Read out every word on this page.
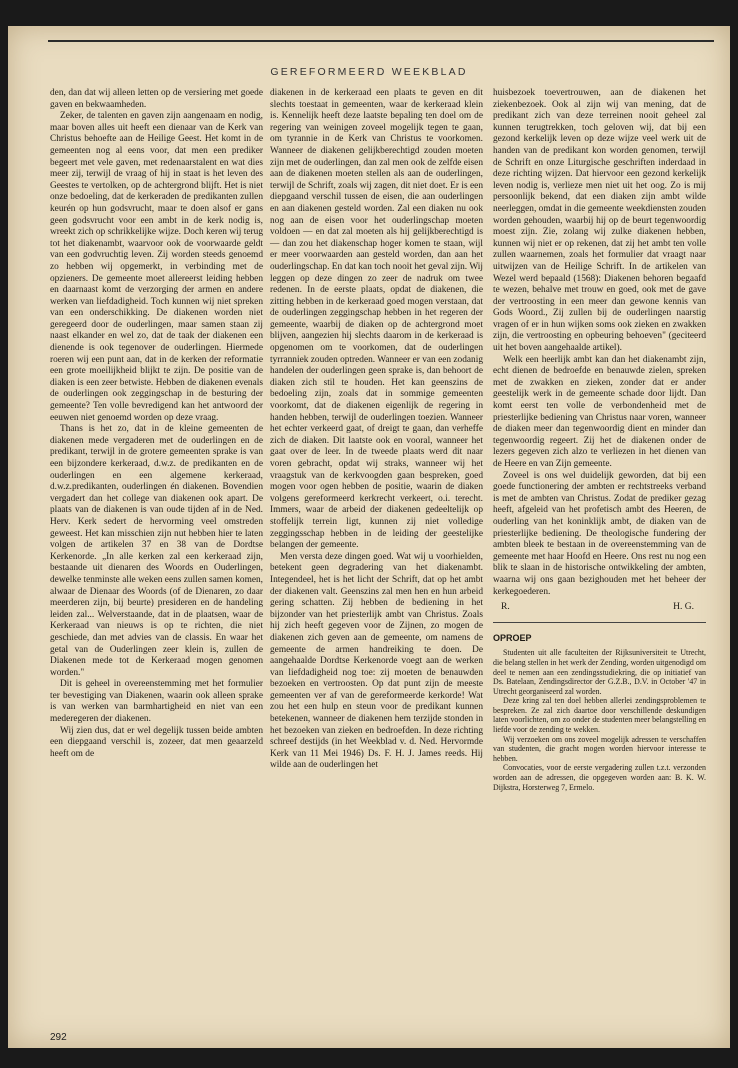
GEREFORMEERD WEEKBLAD

den, dan dat wij alleen letten op de versiering met goede gaven en bekwaamheden.

Zeker, de talenten en gaven zijn aangenaam en nodig, maar boven alles uit heeft een dienaar van de Kerk van Christus behoefte aan de Heilige Geest. Het komt in de gemeenten nog al eens voor, dat men een prediker begeert met vele gaven, met redenaarstalent en wat dies meer zij, terwijl de vraag of hij in staat is het leven des Geestes te vertolken, op de achtergrond blijft. Het is niet onze bedoeling, dat de kerkeraden de predikanten zullen keurén op hun godsvrucht, maar te doen alsof er gans geen godsvrucht voor een ambt in de kerk nodig is, wreekt zich op schrikkelijke wijze. Doch keren wij terug tot het diakenambt, waarvoor ook de voorwaarde geldt van een godvruchtig leven. Zij worden steeds genoemd zo hebben wij opgemerkt, in verbinding met de opzieners. De gemeente moet allereerst leiding hebben en daarnaast komt de verzorging der armen en andere werken van liefdadigheid. Toch kunnen wij niet spreken van een onderschikking. De diakenen worden niet geregeerd door de ouderlingen, maar samen staan zij naast elkander en wel zo, dat de taak der diakenen een dienende is ook tegenover de ouderlingen. Hiermede roeren wij een punt aan, dat in de kerken der reformatie een grote moeilijkheid blijkt te zijn. De positie van de diaken is een zeer betwiste. Hebben de diakenen evenals de ouderlingen ook zeggingschap in de besturing der gemeente? Ten volle bevredigend kan het antwoord der eeuwen niet genoemd worden op deze vraag.

Thans is het zo, dat in de kleine gemeenten de diakenen mede vergaderen met de ouderlingen en de predikant, terwijl in de grotere gemeenten sprake is van een bijzondere kerkeraad, d.w.z. de predikanten en de ouderlingen en een algemene kerkeraad, d.w.z.predikanten, ouderlingen én diakenen. Bovendien vergadert dan het college van diakenen ook apart. De plaats van de diakenen is van oude tijden af in de Ned. Herv. Kerk sedert de hervorming veel omstreden geweest. Het kan misschien zijn nut hebben hier te laten volgen de artikelen 37 en 38 van de Dordtse Kerkenorde. „In alle kerken zal een kerkeraad zijn, bestaande uit dienaren des Woords en Ouderlingen, dewelke tenminste alle weken eens zullen samen komen, alwaar de Dienaar des Woords (of de Dienaren, zo daar meerderen zijn, bij beurte) presideren en de handeling leiden zal... Welverstaande, dat in de plaatsen, waar de Kerkeraad van nieuws is op te richten, die niet geschiede, dan met advies van de classis. En waar het getal van de Ouderlingen zeer klein is, zullen de Diakenen mede tot de Kerkeraad mogen genomen worden."

Dit is geheel in overeenstemming met het formulier ter bevestiging van Diakenen, waarin ook alleen sprake is van werken van barmhartigheid en niet van een mederegeren der diakenen.

Wij zien dus, dat er wel degelijk tussen beide ambten een diepgaand verschil is, zozeer, dat men geaarzeld heeft om de

diakenen in de kerkeraad een plaats te geven en dit slechts toestaat in gemeenten, waar de kerkeraad klein is. Kennelijk heeft deze laatste bepaling ten doel om de regering van weinigen zoveel mogelijk tegen te gaan, om tyrannie in de Kerk van Christus te voorkomen. Wanneer de diakenen gelijkberechtigd zouden moeten zijn met de ouderlingen, dan zal men ook de zelfde eisen aan de diakenen moeten stellen als aan de ouderlingen, terwijl de Schrift, zoals wij zagen, dit niet doet. Er is een diepgaand verschil tussen de eisen, die aan ouderlingen en aan diakenen gesteld worden. Zal een diaken nu ook nog aan de eisen voor het ouderlingschap moeten voldoen — en dat zal moeten als hij gelijkberechtigd is — dan zou het diakenschap hoger komen te staan, wijl er meer voorwaarden aan gesteld worden, dan aan het ouderlingschap. En dat kan toch nooit het geval zijn. Wij leggen op deze dingen zo zeer de nadruk om twee redenen. In de eerste plaats, opdat de diakenen, die zitting hebben in de kerkeraad goed mogen verstaan, dat de ouderlingen zeggingschap hebben in het regeren der gemeente, waarbij de diaken op de achtergrond moet blijven, aangezien hij slechts daarom in de kerkeraad is opgenomen om te voorkomen, dat de ouderlingen tyrranniek zouden optreden. Wanneer er van een zodanig handelen der ouderlingen geen sprake is, dan behoort de diaken zich stil te houden. Het kan geenszins de bedoeling zijn, zoals dat in sommige gemeenten voorkomt, dat de diakenen eigenlijk de regering in handen hebben, terwijl de ouderlingen toezien. Wanneer het echter verkeerd gaat, of dreigt te gaan, dan verheffe zich de diaken. Dit laatste ook en vooral, wanneer het gaat over de leer. In de tweede plaats werd dit naar voren gebracht, opdat wij straks, wanneer wij het vraagstuk van de kerkvoogden gaan bespreken, goed mogen voor ogen hebben de positie, waarin de diaken volgens gereformeerd kerkrecht verkeert, o.i. terecht. Immers, waar de arbeid der diakenen gedeeltelijk op stoffelijk terrein ligt, kunnen zij niet volledige zeggingsschap hebben in de leiding der geestelijke belangen der gemeente.

Men versta deze dingen goed. Wat wij u voorhielden, betekent geen degradering van het diakenambt. Integendeel, het is het licht der Schrift, dat op het ambt der diakenen valt. Geenszins zal men hen en hun arbeid gering schatten. Zij hebben de bediening in het bijzonder van het priesterlijk ambt van Christus. Zoals hij zich heeft gegeven voor de Zijnen, zo mogen de diakenen zich geven aan de gemeente, om namens de gemeente de armen handreiking te doen. De aangehaalde Dordtse Kerkenorde voegt aan de werken van liefdadigheid nog toe: zij moeten de benauwden bezoeken en vertroosten. Op dat punt zijn de meeste gemeenten ver af van de gereformeerde kerkorde! Wat zou het een hulp en steun voor de predikant kunnen betekenen, wanneer de diakenen hem terzijde stonden in het bezoeken van zieken en bedroefden. In deze richting schreef destijds (in het Weekblad v. d. Ned. Hervormde Kerk van 11 Mei 1946) Ds. F. H. J. James reeds. Hij wilde aan de ouderlingen het

huisbezoek toevertrouwen, aan de diakenen het ziekenbezoek. Ook al zijn wij van mening, dat de predikant zich van deze terreinen nooit geheel zal kunnen terugtrekken, toch geloven wij, dat bij een gezond kerkelijk leven op deze wijze veel werk uit de handen van de predikant kon worden genomen, terwijl de Schrift en onze Liturgische geschriften inderdaad in deze richting wijzen. Dat hiervoor een gezond kerkelijk leven nodig is, verlieze men niet uit het oog. Zo is mij persoonlijk bekend, dat een diaken zijn ambt wilde neerleggen, omdat in die gemeente weekdiensten zouden worden gehouden, waarbij hij op de beurt tegenwoordig moest zijn. Zie, zolang wij zulke diakenen hebben, kunnen wij niet er op rekenen, dat zij het ambt ten volle zullen waarnemen, zoals het formulier dat vraagt naar uitwijzen van de Heilige Schrift. In de artikelen van Wezel werd bepaald (1568): Diakenen behoren begaafd te wezen, behalve met trouw en goed, ook met de gave der vertroosting in een meer dan gewone kennis van Gods Woord., Zij zullen bij de ouderlingen naarstig vragen of er in hun wijken soms ook zieken en zwakken zijn, die vertroosting en opbeuring behoeven" (geciteerd uit het boven aangehaalde artikel).

Welk een heerlijk ambt kan dan het diakenambt zijn, echt dienen de bedroefde en benauwde zielen, spreken met de zwakken en zieken, zonder dat er ander geestelijk werk in de gemeente schade door lijdt. Dan komt eerst ten volle de verbondenheid met de priesterlijke bediening van Christus naar voren, wanneer de diaken meer dan tegenwoordig dient en minder dan tegenwoordig regeert. Zij het de diakenen onder de lezers gegeven zich alzo te verliezen in het dienen van de Heere en van Zijn gemeente.

Zoveel is ons wel duidelijk geworden, dat bij een goede functionering der ambten er rechtstreeks verband is met de ambten van Christus. Zodat de prediker gezag heeft, afgeleid van het profetisch ambt des Heeren, de ouderling van het koninklijk ambt, de diaken van de priesterlijke bediening. De theologische fundering der ambten bleek te bestaan in de overeenstemming van de gemeente met haar Hoofd en Heere. Ons rest nu nog een blik te slaan in de historische ontwikkeling der ambten, waarna wij ons gaan bezighouden met het beheer der kerkegoederen.

R.	H. G.
OPROEP

Studenten uit alle faculteiten der Rijksuniversiteit te Utrecht, die belang stellen in het werk der Zending, worden uitgenodigd om deel te nemen aan een zendingsstudiekring, die op initiatief van Ds. Batelaan, Zendingsdirector der G.Z.B., D.V. in October '47 in Utrecht georganiseerd zal worden.

Deze kring zal ten doel hebben allerlei zendingsproblemen te bespreken. Ze zal zich daartoe door verschillende deskundigen laten voorlichten, om zo onder de studenten meer belangstelling en liefde voor de zending te wekken.

Wij verzoeken om ons zoveel mogelijk adressen te verschaffen van studenten, die gracht mogen worden hiervoor interesse te hebben.

Convocaties, voor de eerste vergadering zullen t.z.t. verzonden worden aan de adressen, die opgegeven worden aan: B. K. W. Dijkstra, Horsterweg 7, Ermelo.

292
